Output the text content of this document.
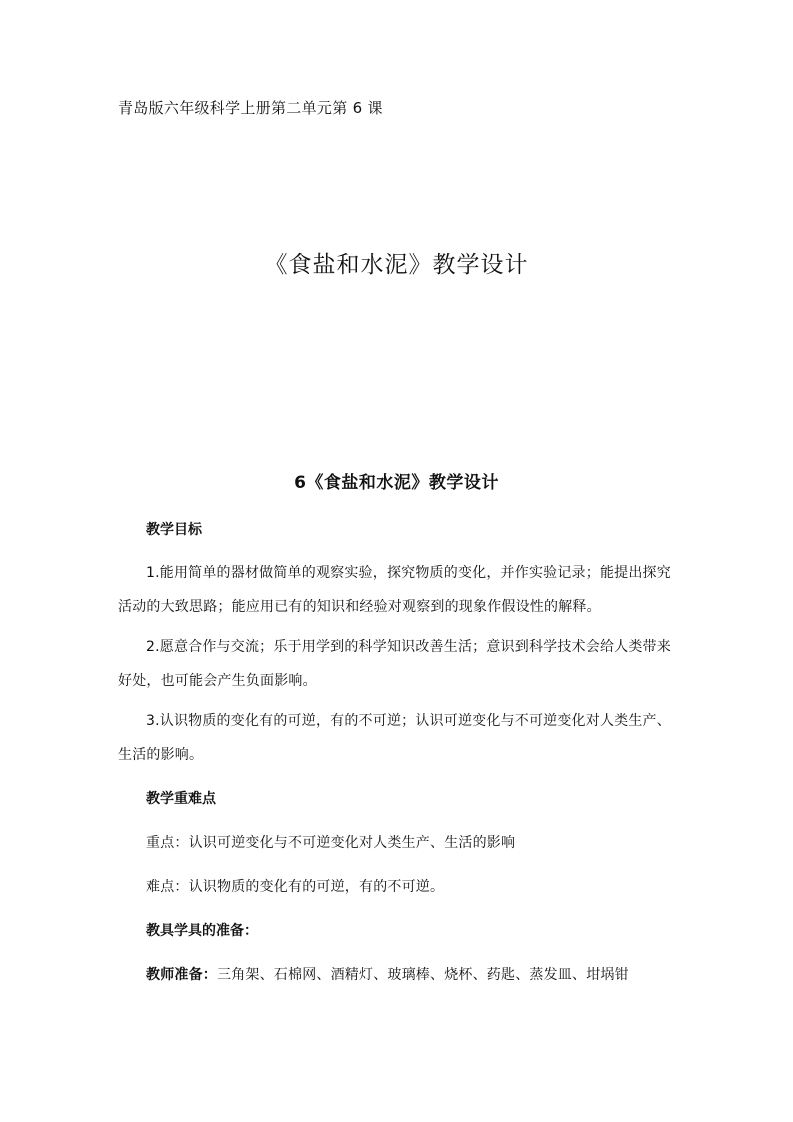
青岛版六年级科学上册第二单元第 6 课
《食盐和水泥》教学设计
6《食盐和水泥》教学设计
教学目标
1.能用简单的器材做简单的观察实验，探究物质的变化，并作实验记录；能提出探究活动的大致思路；能应用已有的知识和经验对观察到的现象作假设性的解释。
2.愿意合作与交流；乐于用学到的科学知识改善生活；意识到科学技术会给人类带来好处，也可能会产生负面影响。
3.认识物质的变化有的可逆，有的不可逆；认识可逆变化与不可逆变化对人类生产、生活的影响。
教学重难点
重点：认识可逆变化与不可逆变化对人类生产、生活的影响
难点：认识物质的变化有的可逆，有的不可逆。
教具学具的准备：
教师准备：三角架、石棉网、酒精灯、玻璃棒、烧杯、药匙、蒸发皿、坩埚钳
